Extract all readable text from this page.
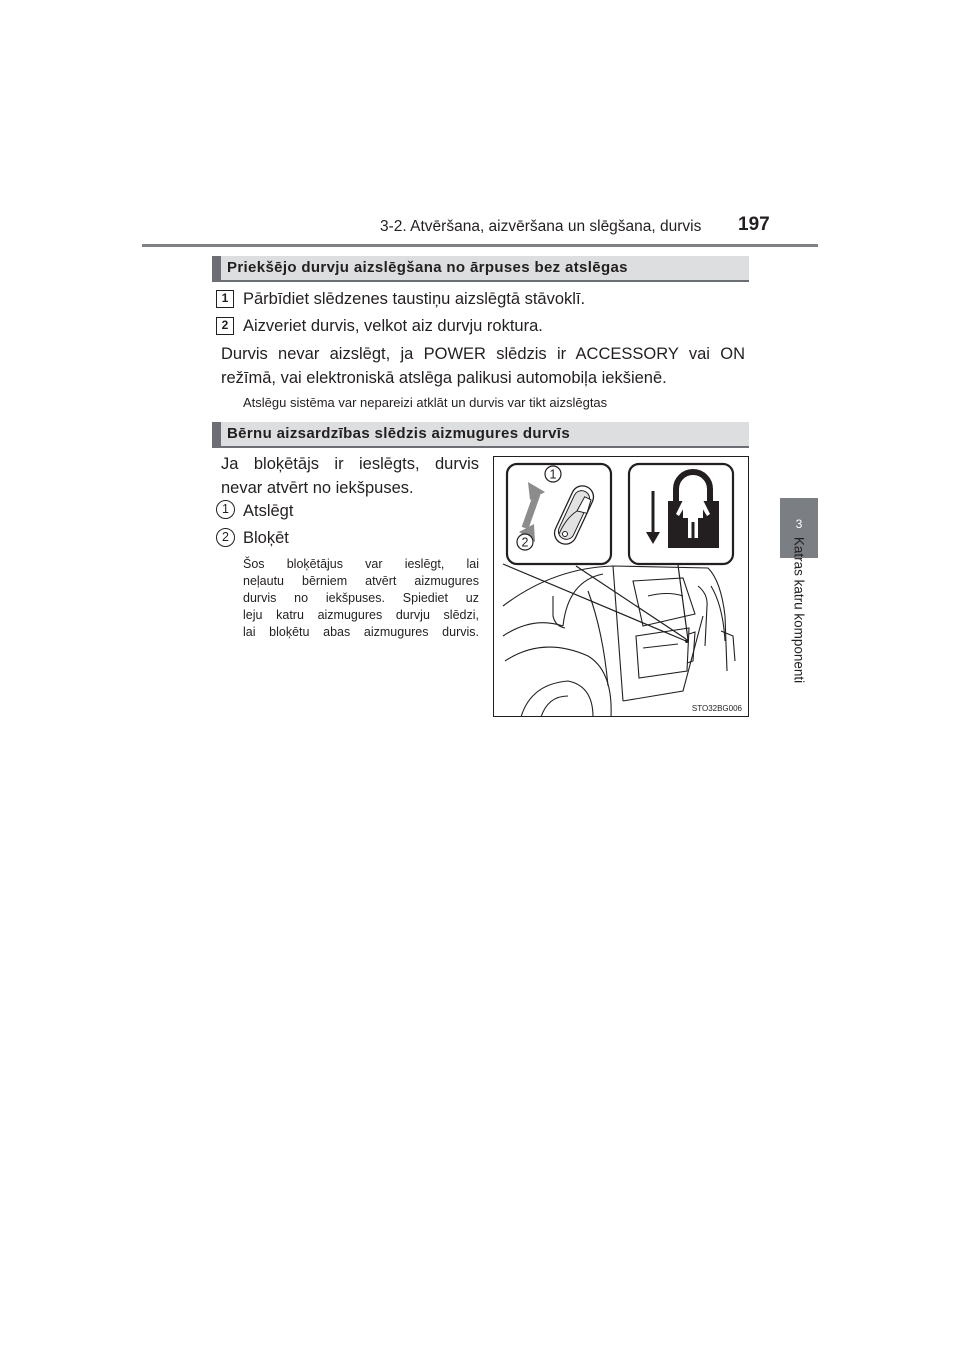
3-2. Atvēršana, aizvēršana un slēgšana, durvis 197
3
Katras katru komponenti
Priekšējo durvju aizslēgšana no ārpuses bez atslēgas
1 Pārbīdiet slēdzenes taustiņu aizslēgtā stāvoklī.
2 Aizveriet durvis, velkot aiz durvju roktura.
Durvis nevar aizslēgt, ja POWER slēdzis ir ACCESSORY vai ON
režīmā, vai elektroniskā atslēga palikusi automobiļa iekšienē.
Atslēgu sistēma var nepareizi atklāt un durvis var tikt aizslēgtas
Bērnu aizsardzības slēdzis aizmugures durvīs
Ja bloķētājs ir ieslēgts, durvis
nevar atvērt no iekšpuses.
1 Atslēgt
2 Bloķēt
Šos bloķētājus var ieslēgt, lai
neļautu bērniem atvērt aizmugures
durvis no iekšpuses. Spiediet uz
leju katru aizmugures durvju slēdzi,
lai bloķētu abas aizmugures durvis.
1
2
STO32BG006
